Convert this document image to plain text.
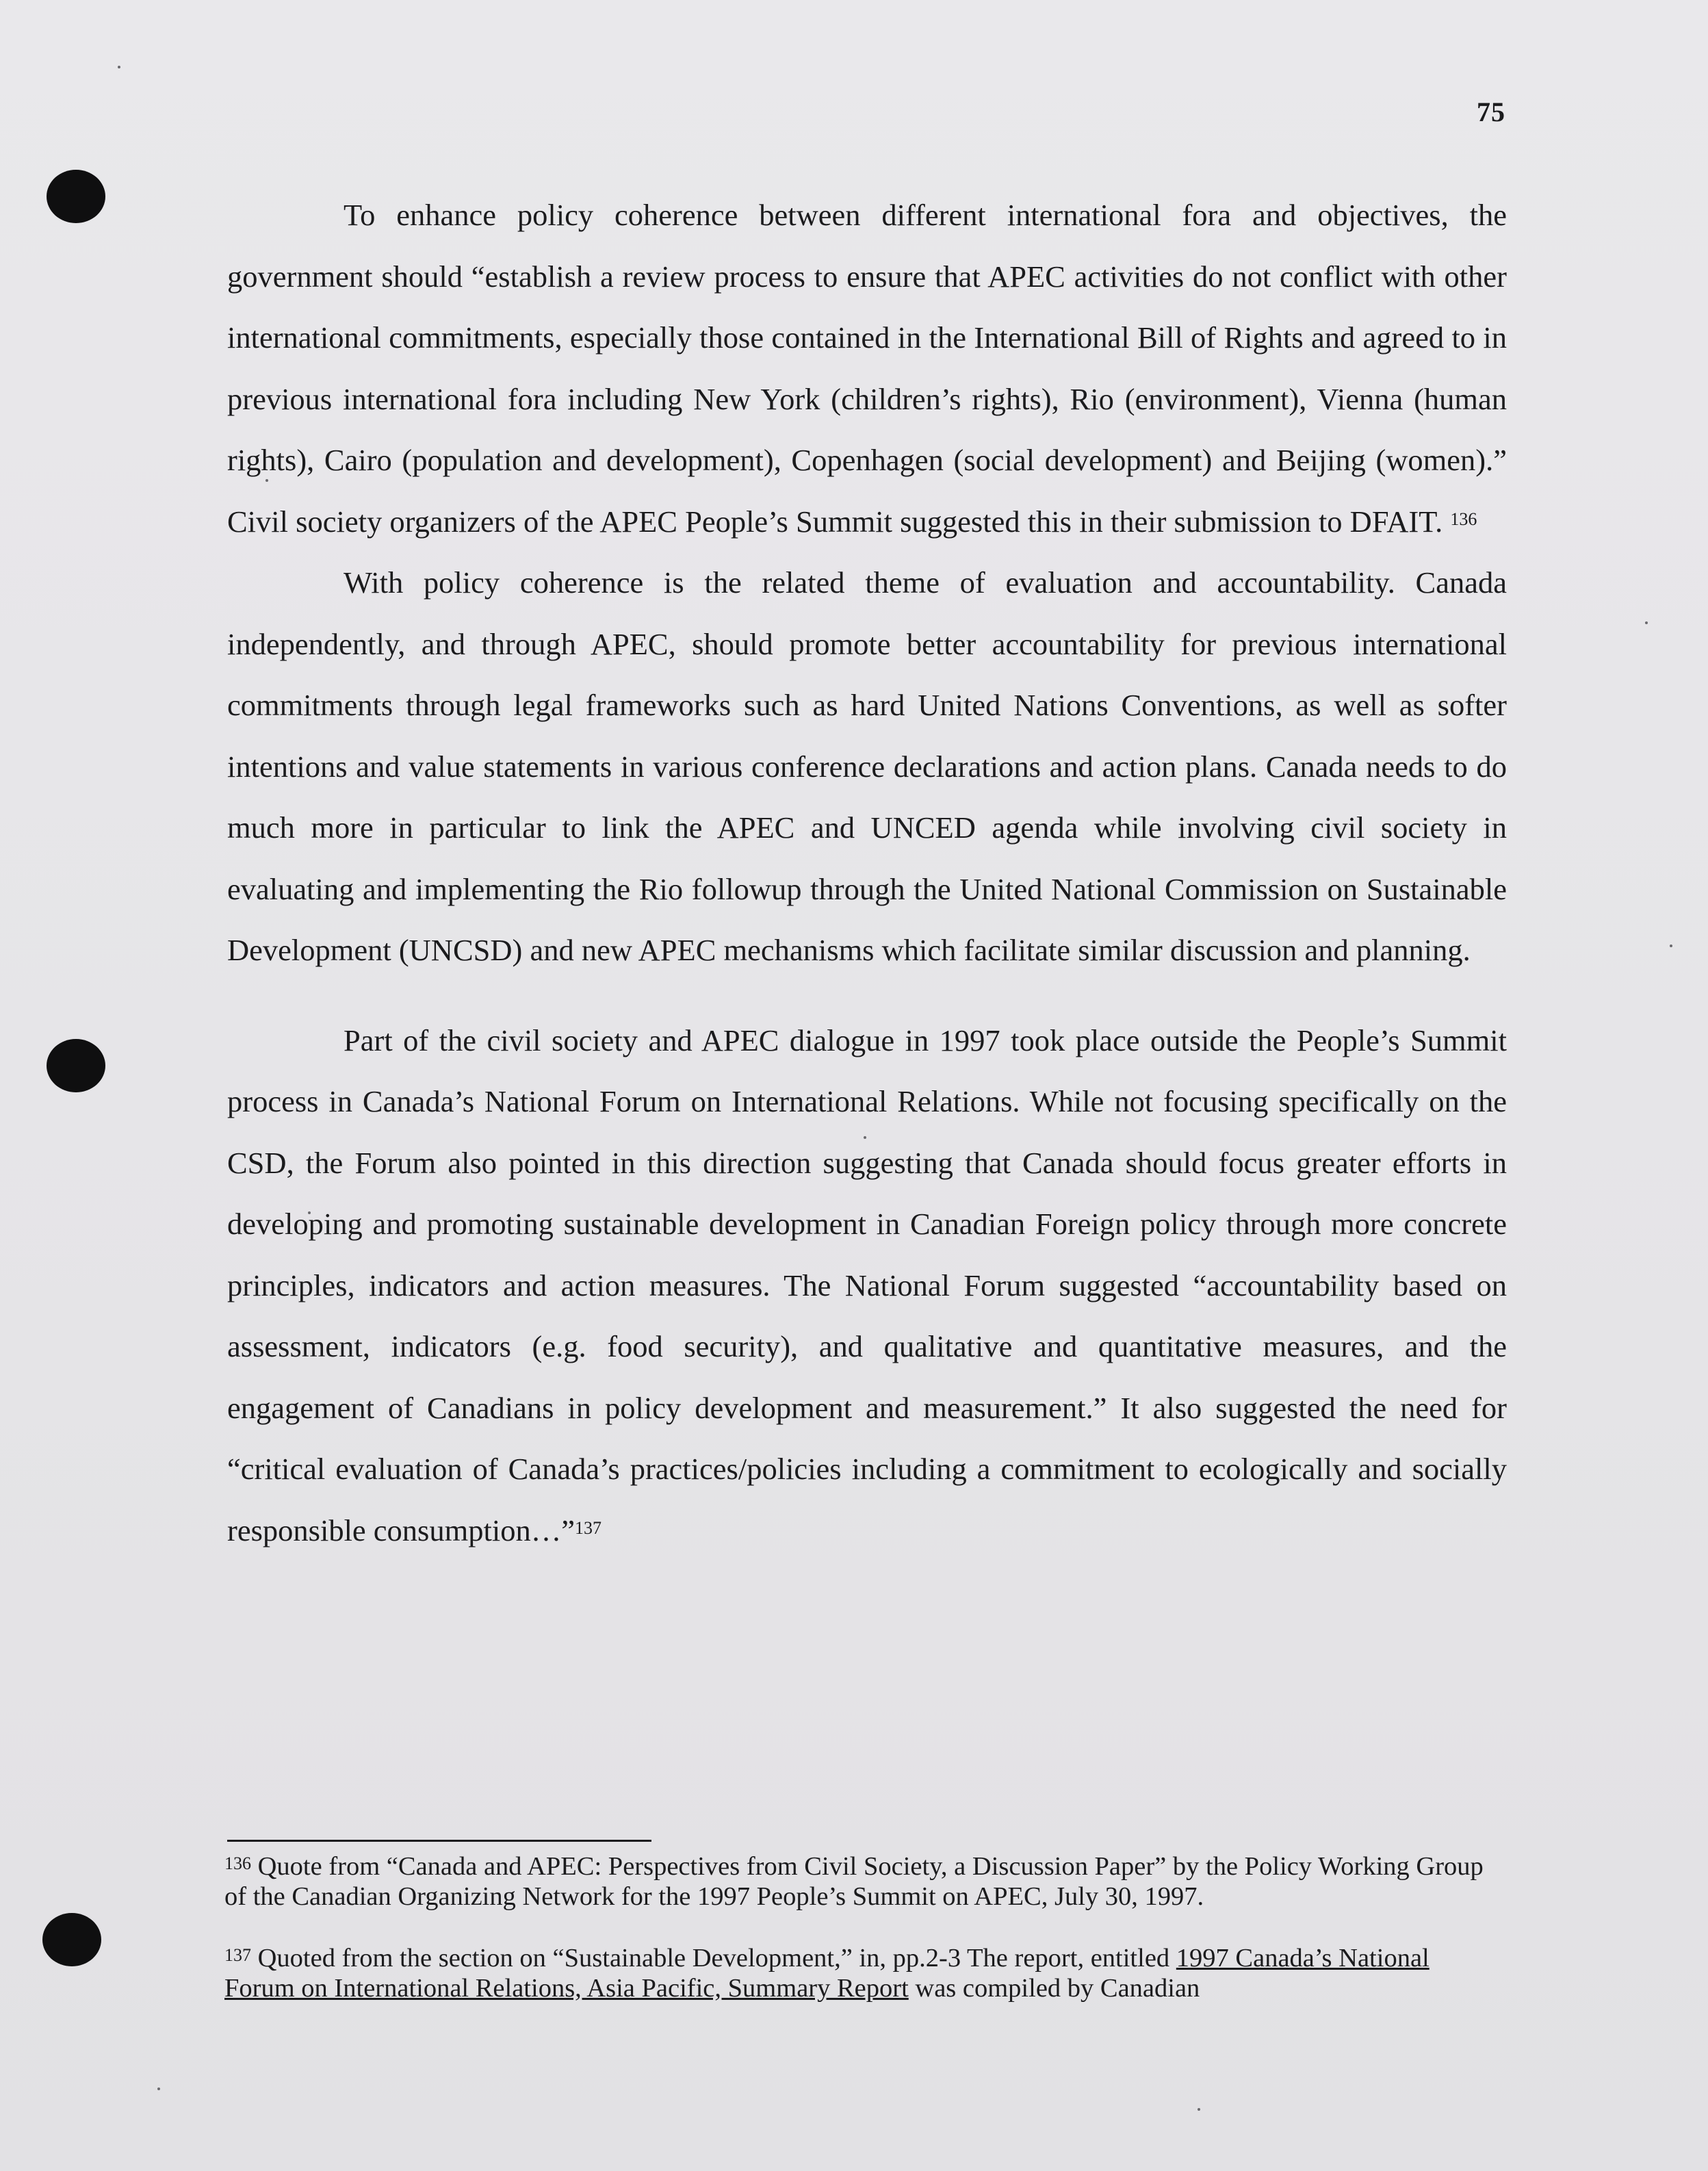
75

To enhance policy coherence between different international fora and objectives, the government should “establish a review process to ensure that APEC activities do not conflict with other international commitments, especially those contained in the International Bill of Rights and agreed to in previous international fora including New York (children’s rights), Rio (environment), Vienna (human rights), Cairo (population and development), Copenhagen (social development) and Beijing (women).” Civil society organizers of the APEC People’s Summit suggested this in their submission to DFAIT. $^{136}$

With policy coherence is the related theme of evaluation and accountability. Canada independently, and through APEC, should promote better accountability for previous international commitments through legal frameworks such as hard United Nations Conventions, as well as softer intentions and value statements in various conference declarations and action plans. Canada needs to do much more in particular to link the APEC and UNCED agenda while involving civil society in evaluating and implementing the Rio followup through the United National Commission on Sustainable Development (UNCSD) and new APEC mechanisms which facilitate similar discussion and planning.

Part of the civil society and APEC dialogue in 1997 took place outside the People’s Summit process in Canada’s National Forum on International Relations. While not focusing specifically on the CSD, the Forum also pointed in this direction suggesting that Canada should focus greater efforts in developing and promoting sustainable development in Canadian Foreign policy through more concrete principles, indicators and action measures. The National Forum suggested “accountability based on assessment, indicators (e.g. food security), and qualitative and quantitative measures, and the engagement of Canadians in policy development and measurement.” It also suggested the need for “critical evaluation of Canada’s practices/policies including a commitment to ecologically and socially responsible consumption…”$^{137}$

$^{136}$ Quote from “Canada and APEC: Perspectives from Civil Society, a Discussion Paper” by the Policy Working Group of the Canadian Organizing Network for the 1997 People’s Summit on APEC, July 30, 1997.

$^{137}$ Quoted from the section on “Sustainable Development,” in, pp.2-3 The report, entitled 1997 Canada’s National Forum on International Relations, Asia Pacific, Summary Report was compiled by Canadian
